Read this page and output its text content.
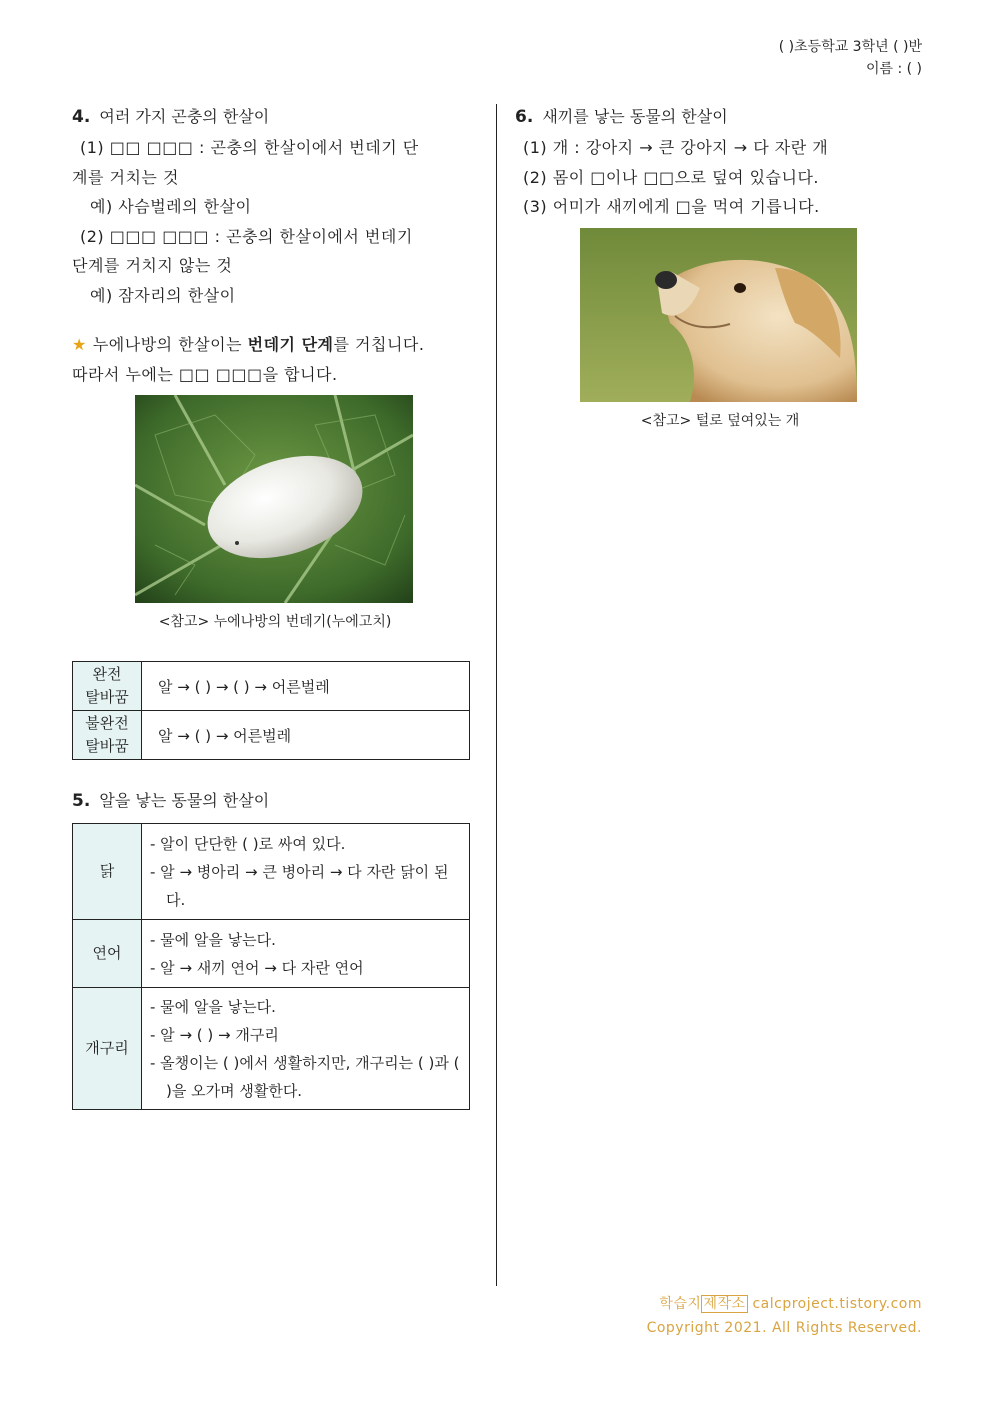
( )초등학교 3학년 ( )반
이름 : ( )
4. 여러 가지 곤충의 한살이
(1) □□ □□□ : 곤충의 한살이에서 번데기 단
계를 거치는 것
예) 사슴벌레의 한살이
(2) □□□ □□□ : 곤충의 한살이에서 번데기
단계를 거치지 않는 것
예) 잠자리의 한살이
★ 누에나방의 한살이는 번데기 단계를 거칩니다.
따라서 누에는 □□ □□□을 합니다.
<참고> 누에나방의 번데기(누에고치)
완전
탈바꿈	알 → ( ) → ( ) → 어른벌레

불완전
탈바꿈	알 → ( ) → 어른벌레
5. 알을 낳는 동물의 한살이
닭	- 알이 단단한 ( )로 싸여 있다.
- 알 → 병아리 → 큰 병아리 → 다 자란 닭이 된다.

연어	- 물에 알을 낳는다.
- 알 → 새끼 연어 → 다 자란 연어

개구리	- 물에 알을 낳는다.
- 알 → ( ) → 개구리
- 올챙이는 ( )에서 생활하지만, 개구리는 ( )과 ( )을 오가며 생활한다.
6. 새끼를 낳는 동물의 한살이
(1) 개 : 강아지 → 큰 강아지 → 다 자란 개
(2) 몸이 □이나 □□으로 덮여 있습니다.
(3) 어미가 새끼에게 □을 먹여 기릅니다.
<참고> 털로 덮여있는 개
학습지 제작소 calcproject.tistory.com
Copyright 2021. All Rights Reserved.
